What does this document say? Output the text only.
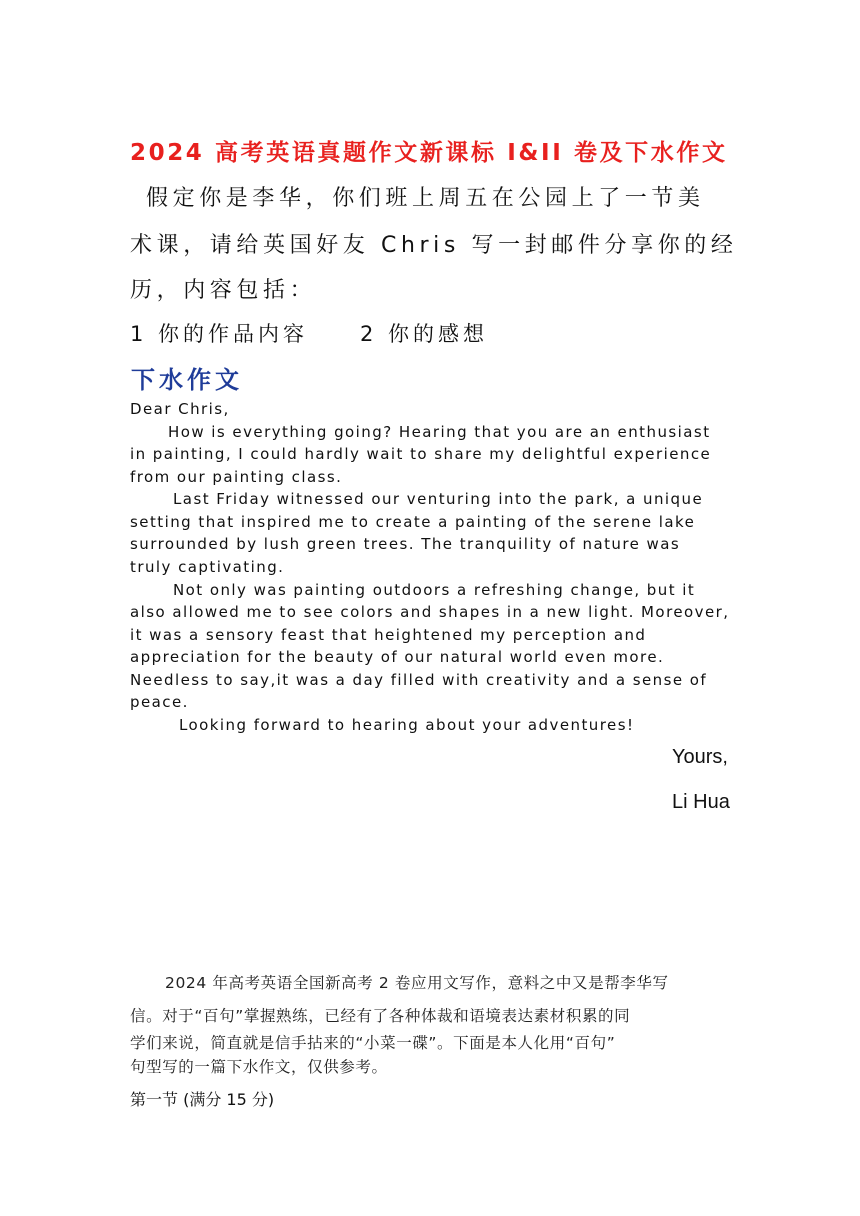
2024 高考英语真题作文新课标 I&II 卷及下水作文
假定你是李华，你们班上周五在公园上了一节美
术课，请给英国好友 Chris 写一封邮件分享你的经
历，内容包括：
1 你的作品内容 2 你的感想
下水作文
Dear Chris,
How is everything going? Hearing that you are an enthusiast
in painting, I could hardly wait to share my delightful experience
from our painting class.
Last Friday witnessed our venturing into the park, a unique
setting that inspired me to create a painting of the serene lake
surrounded by lush green trees. The tranquility of nature was
truly captivating.
Not only was painting outdoors a refreshing change, but it
also allowed me to see colors and shapes in a new light. Moreover,
it was a sensory feast that heightened my perception and
appreciation for the beauty of our natural world even more.
Needless to say,it was a day filled with creativity and a sense of
peace.
Looking forward to hearing about your adventures!
Yours,
Li Hua
2024 年高考英语全国新高考 2 卷应用文写作，意料之中又是帮李华写
信。对于“百句”掌握熟练，已经有了各种体裁和语境表达素材积累的同
学们来说，简直就是信手拈来的“小菜一碟”。下面是本人化用“百句”
句型写的一篇下水作文，仅供参考。
第一节 (满分 15 分)
